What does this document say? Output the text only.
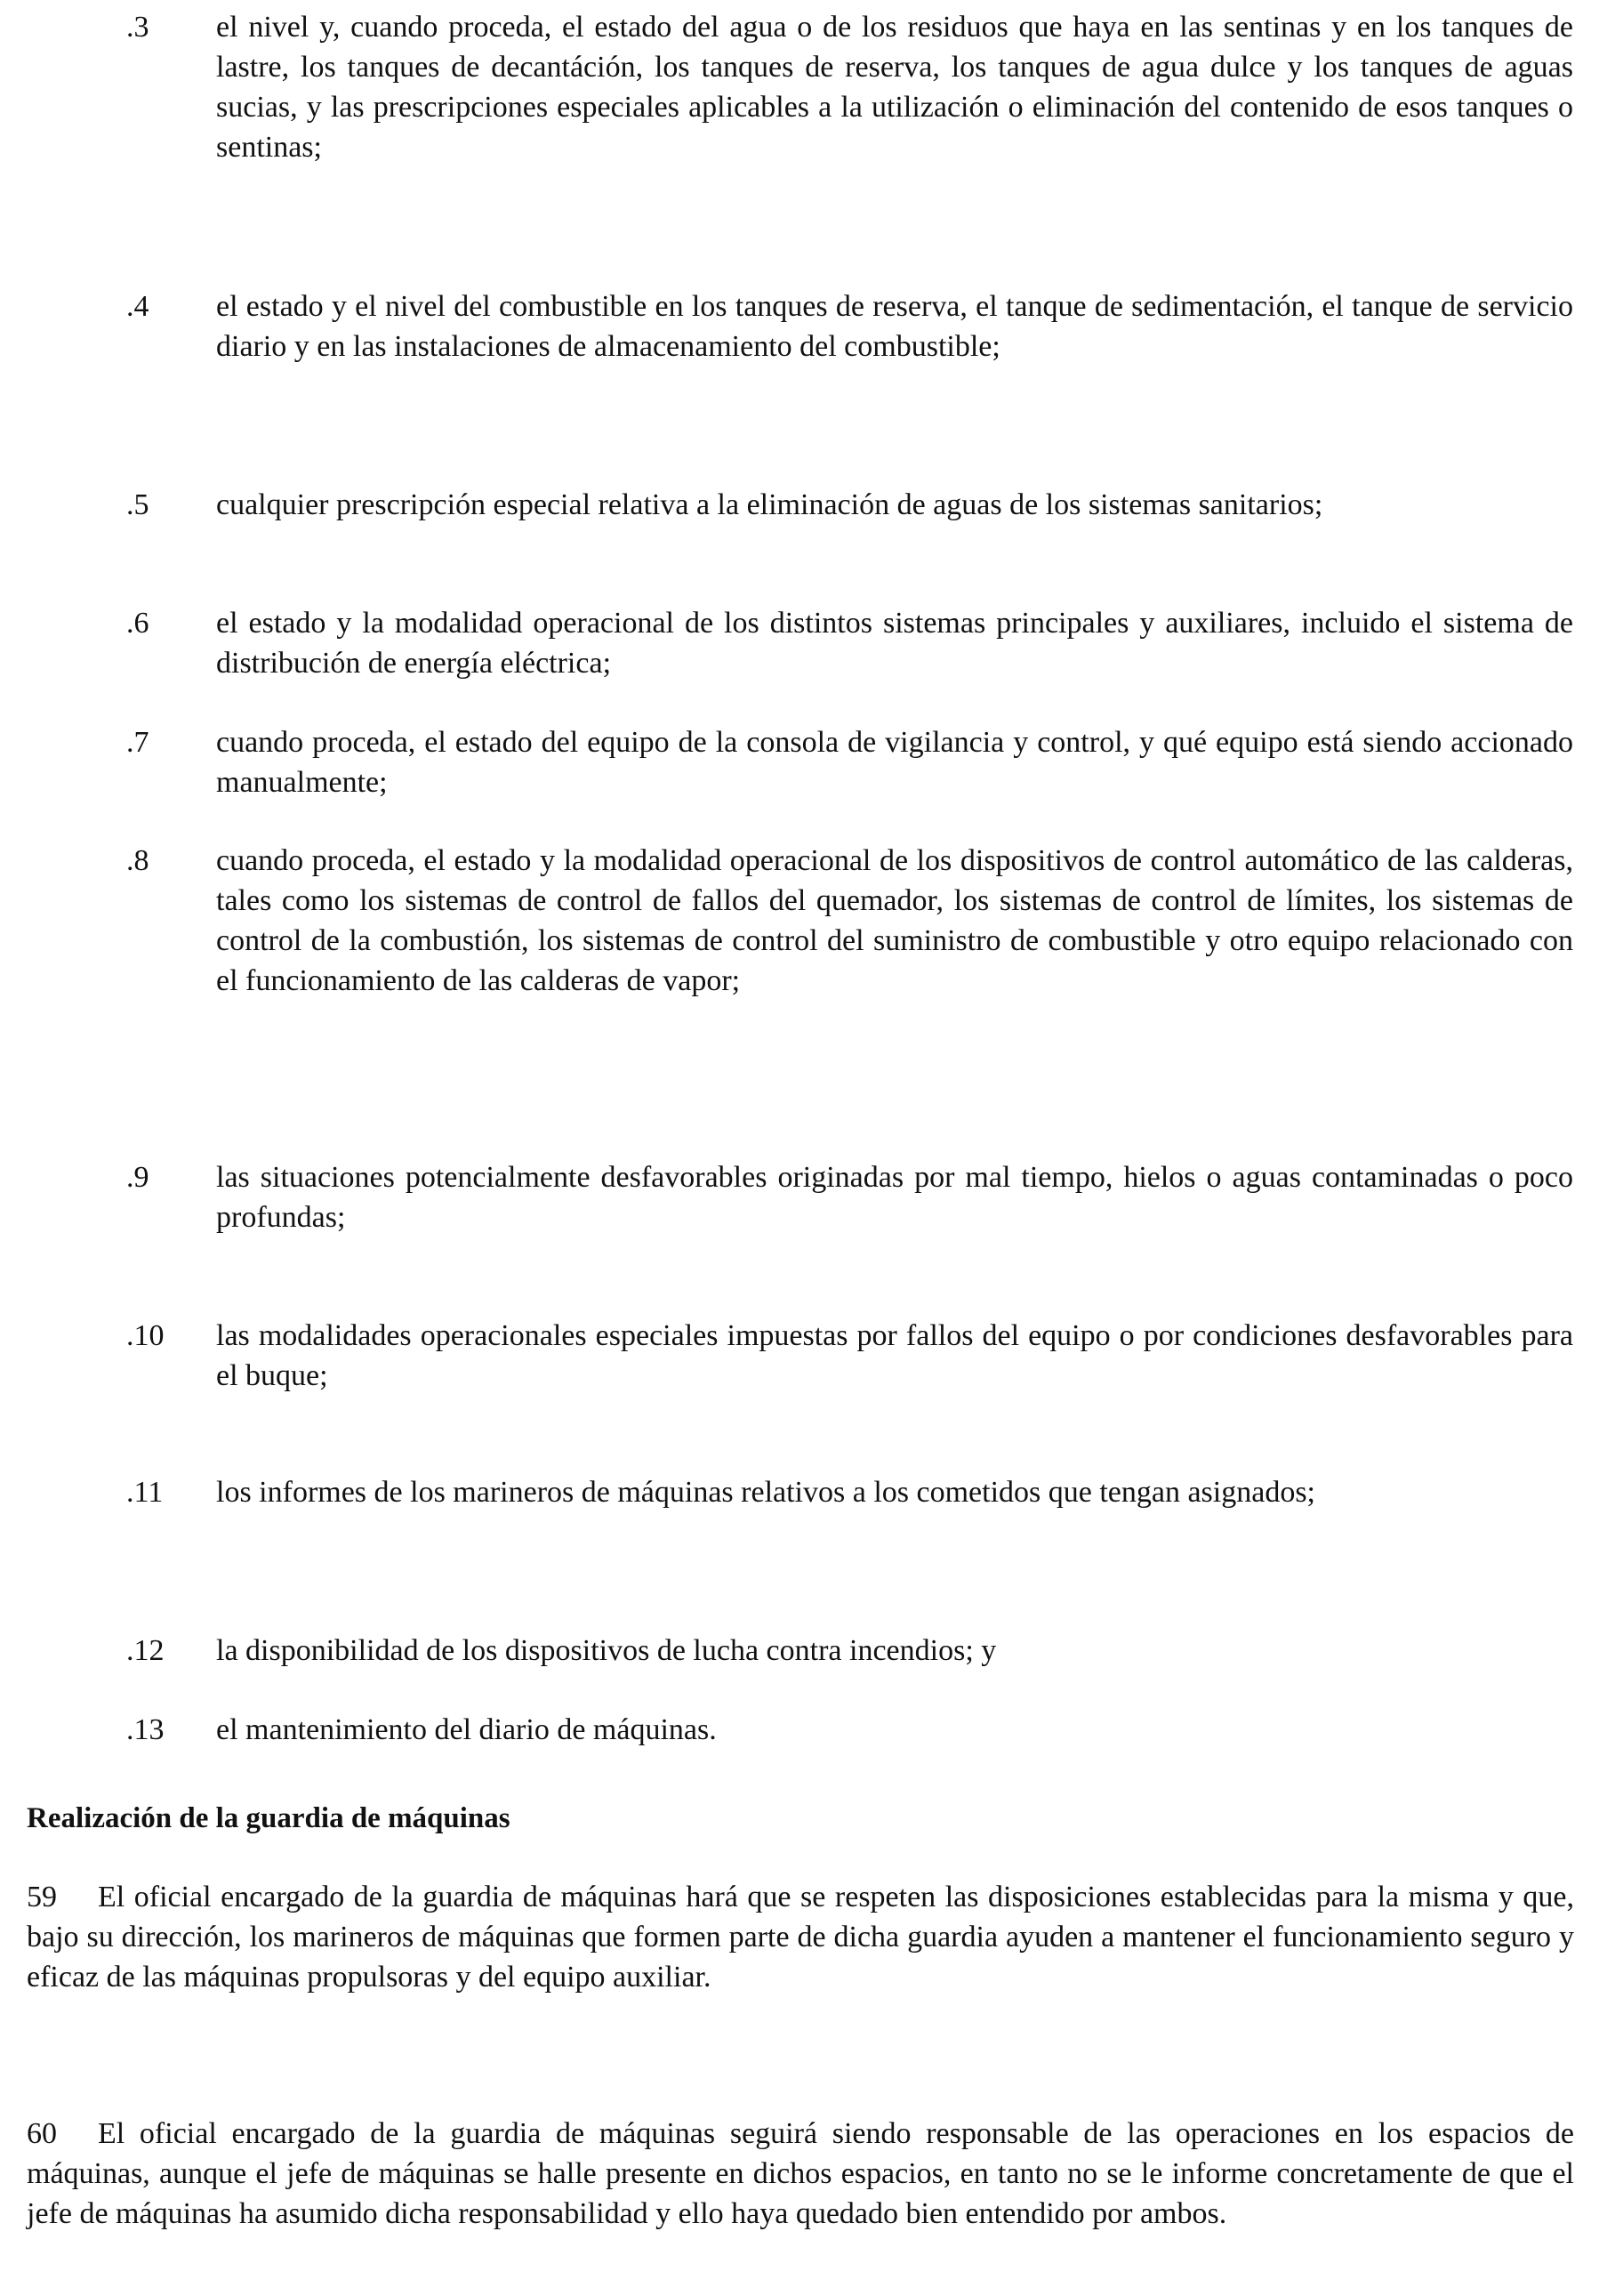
.3	el nivel y, cuando proceda, el estado del agua o de los residuos que haya en las sentinas y en los tanques de lastre, los tanques de decantáción, los tanques de reserva, los tanques de agua dulce y los tanques de aguas sucias, y las prescripciones especiales aplicables a la utilización o eliminación del contenido de esos tanques o sentinas;
.4	el estado y el nivel del combustible en los tanques de reserva, el tanque de sedimentación, el tanque de servicio diario y en las instalaciones de almacenamiento del combustible;
.5	cualquier prescripción especial relativa a la eliminación de aguas de los sistemas sanitarios;
.6	el estado y la modalidad operacional de los distintos sistemas principales y auxiliares, incluido el sistema de distribución de energía eléctrica;
.7	cuando proceda, el estado del equipo de la consola de vigilancia y control, y qué equipo está siendo accionado manualmente;
.8	cuando proceda, el estado y la modalidad operacional de los dispositivos de control automático de las calderas, tales como los sistemas de control de fallos del quemador, los sistemas de control de límites, los sistemas de control de la combustión, los sistemas de control del suministro de combustible y otro equipo relacionado con el funcionamiento de las calderas de vapor;
.9	las situaciones potencialmente desfavorables originadas por mal tiempo, hielos o aguas contaminadas o poco profundas;
.10	las modalidades operacionales especiales impuestas por fallos del equipo o por condiciones desfavorables para el buque;
.11	los informes de los marineros de máquinas relativos a los cometidos que tengan asignados;
.12	la disponibilidad de los dispositivos de lucha contra incendios; y
.13	el mantenimiento del diario de máquinas.
Realización de la guardia de máquinas
59 El oficial encargado de la guardia de máquinas hará que se respeten las disposiciones establecidas para la misma y que, bajo su dirección, los marineros de máquinas que formen parte de dicha guardia ayuden a mantener el funcionamiento seguro y eficaz de las máquinas propulsoras y del equipo auxiliar.
60 El oficial encargado de la guardia de máquinas seguirá siendo responsable de las operaciones en los espacios de máquinas, aunque el jefe de máquinas se halle presente en dichos espacios, en tanto no se le informe concretamente de que el jefe de máquinas ha asumido dicha responsabilidad y ello haya quedado bien entendido por ambos.
